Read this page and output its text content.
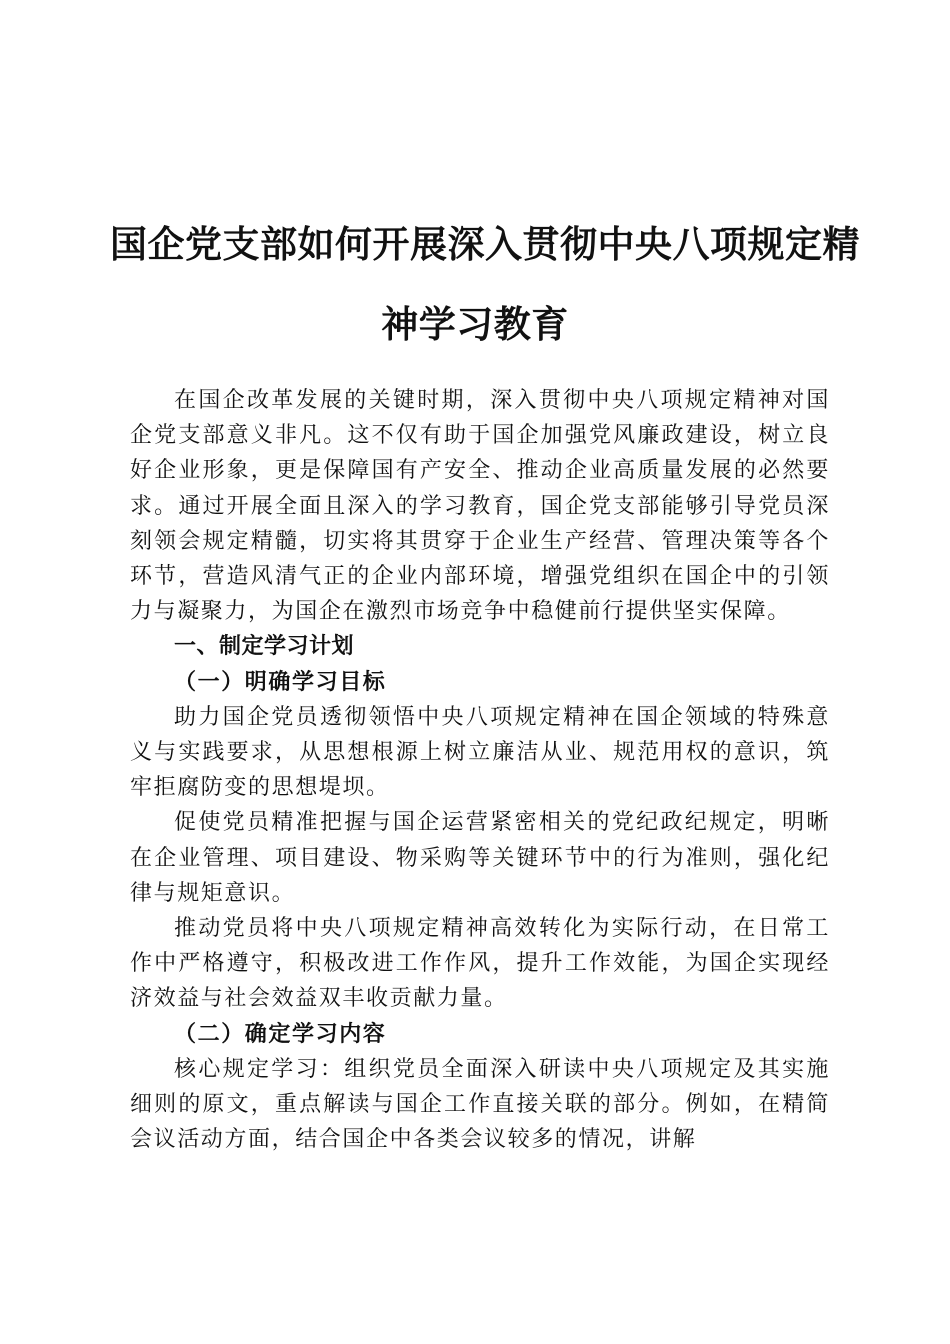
国企党支部如何开展深入贯彻中央八项规定精
神学习教育

在国企改革发展的关键时期，深入贯彻中央八项规定精神对国企党支部意义非凡。这不仅有助于国企加强党风廉政建设，树立良好企业形象，更是保障国有产安全、推动企业高质量发展的必然要求。通过开展全面且深入的学习教育，国企党支部能够引导党员深刻领会规定精髓，切实将其贯穿于企业生产经营、管理决策等各个环节，营造风清气正的企业内部环境，增强党组织在国企中的引领力与凝聚力，为国企在激烈市场竞争中稳健前行提供坚实保障。

一、制定学习计划

（一）明确学习目标

助力国企党员透彻领悟中央八项规定精神在国企领域的特殊意义与实践要求，从思想根源上树立廉洁从业、规范用权的意识，筑牢拒腐防变的思想堤坝。

促使党员精准把握与国企运营紧密相关的党纪政纪规定，明晰在企业管理、项目建设、物采购等关键环节中的行为准则，强化纪律与规矩意识。

推动党员将中央八项规定精神高效转化为实际行动，在日常工作中严格遵守，积极改进工作作风，提升工作效能，为国企实现经济效益与社会效益双丰收贡献力量。

（二）确定学习内容

核心规定学习：组织党员全面深入研读中央八项规定及其实施细则的原文，重点解读与国企工作直接关联的部分。例如，在精简会议活动方面，结合国企中各类会议较多的情况，讲解
